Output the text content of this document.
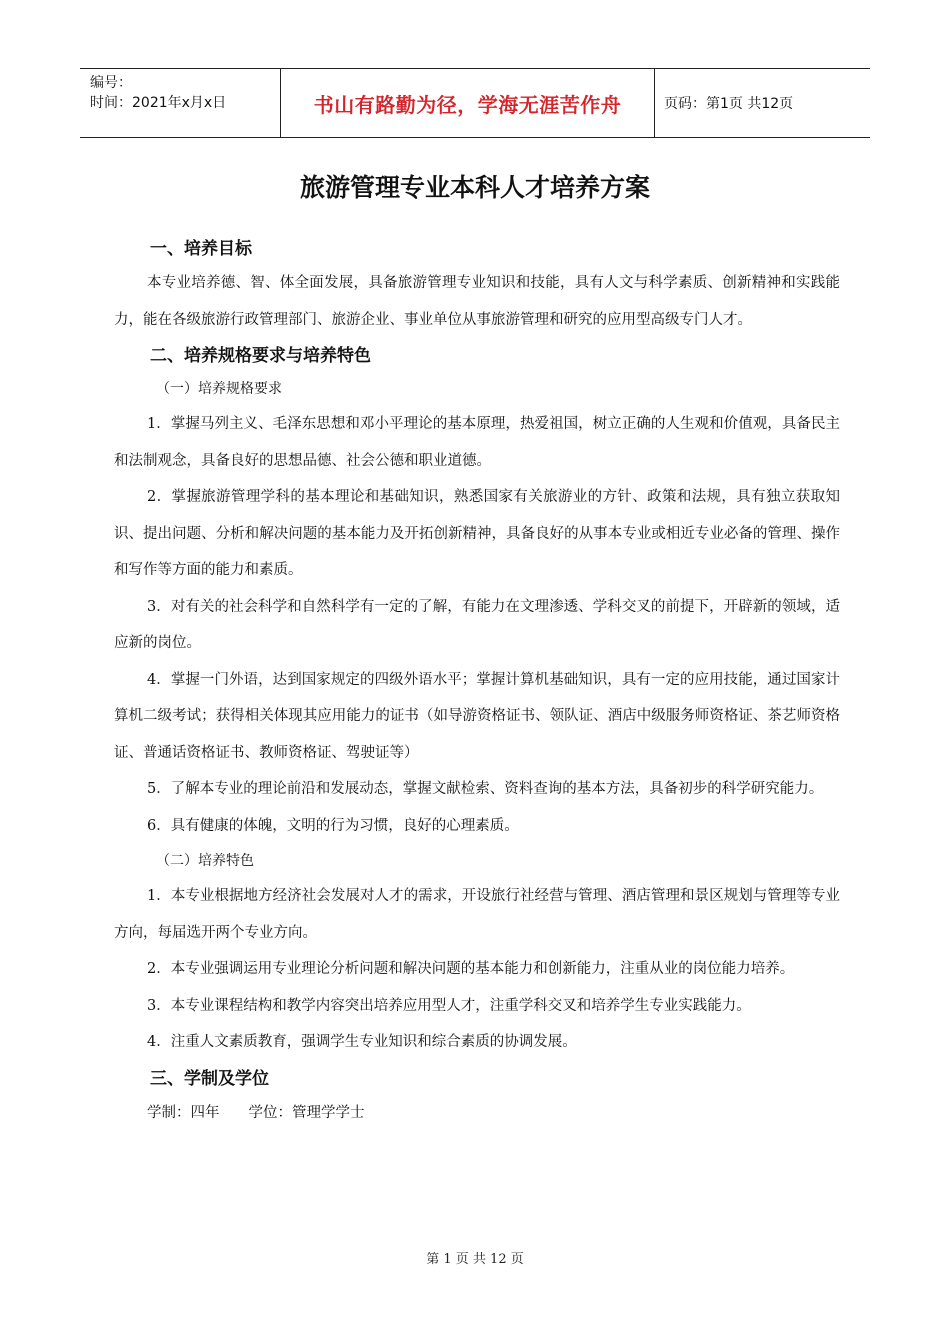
编号：
时间：2021年x月x日	书山有路勤为径，学海无涯苦作舟	页码：第1页 共12页
旅游管理专业本科人才培养方案
一、培养目标
本专业培养德、智、体全面发展，具备旅游管理专业知识和技能，具有人文与科学素质、创新精神和实践能力，能在各级旅游行政管理部门、旅游企业、事业单位从事旅游管理和研究的应用型高级专门人才。
二、培养规格要求与培养特色
（一）培养规格要求
1．掌握马列主义、毛泽东思想和邓小平理论的基本原理，热爱祖国，树立正确的人生观和价值观，具备民主和法制观念，具备良好的思想品德、社会公德和职业道德。
2．掌握旅游管理学科的基本理论和基础知识，熟悉国家有关旅游业的方针、政策和法规，具有独立获取知识、提出问题、分析和解决问题的基本能力及开拓创新精神，具备良好的从事本专业或相近专业必备的管理、操作和写作等方面的能力和素质。
3．对有关的社会科学和自然科学有一定的了解，有能力在文理渗透、学科交叉的前提下，开辟新的领域，适应新的岗位。
4．掌握一门外语，达到国家规定的四级外语水平；掌握计算机基础知识，具有一定的应用技能，通过国家计算机二级考试；获得相关体现其应用能力的证书（如导游资格证书、领队证、酒店中级服务师资格证、茶艺师资格证、普通话资格证书、教师资格证、驾驶证等）
5．了解本专业的理论前沿和发展动态，掌握文献检索、资料查询的基本方法，具备初步的科学研究能力。
6．具有健康的体魄，文明的行为习惯，良好的心理素质。
（二）培养特色
1．本专业根据地方经济社会发展对人才的需求，开设旅行社经营与管理、酒店管理和景区规划与管理等专业方向，每届选开两个专业方向。
2．本专业强调运用专业理论分析问题和解决问题的基本能力和创新能力，注重从业的岗位能力培养。
3．本专业课程结构和教学内容突出培养应用型人才，注重学科交叉和培养学生专业实践能力。
4．注重人文素质教育，强调学生专业知识和综合素质的协调发展。
三、学制及学位
学制：四年　　学位：管理学学士
第 1 页 共 12 页
